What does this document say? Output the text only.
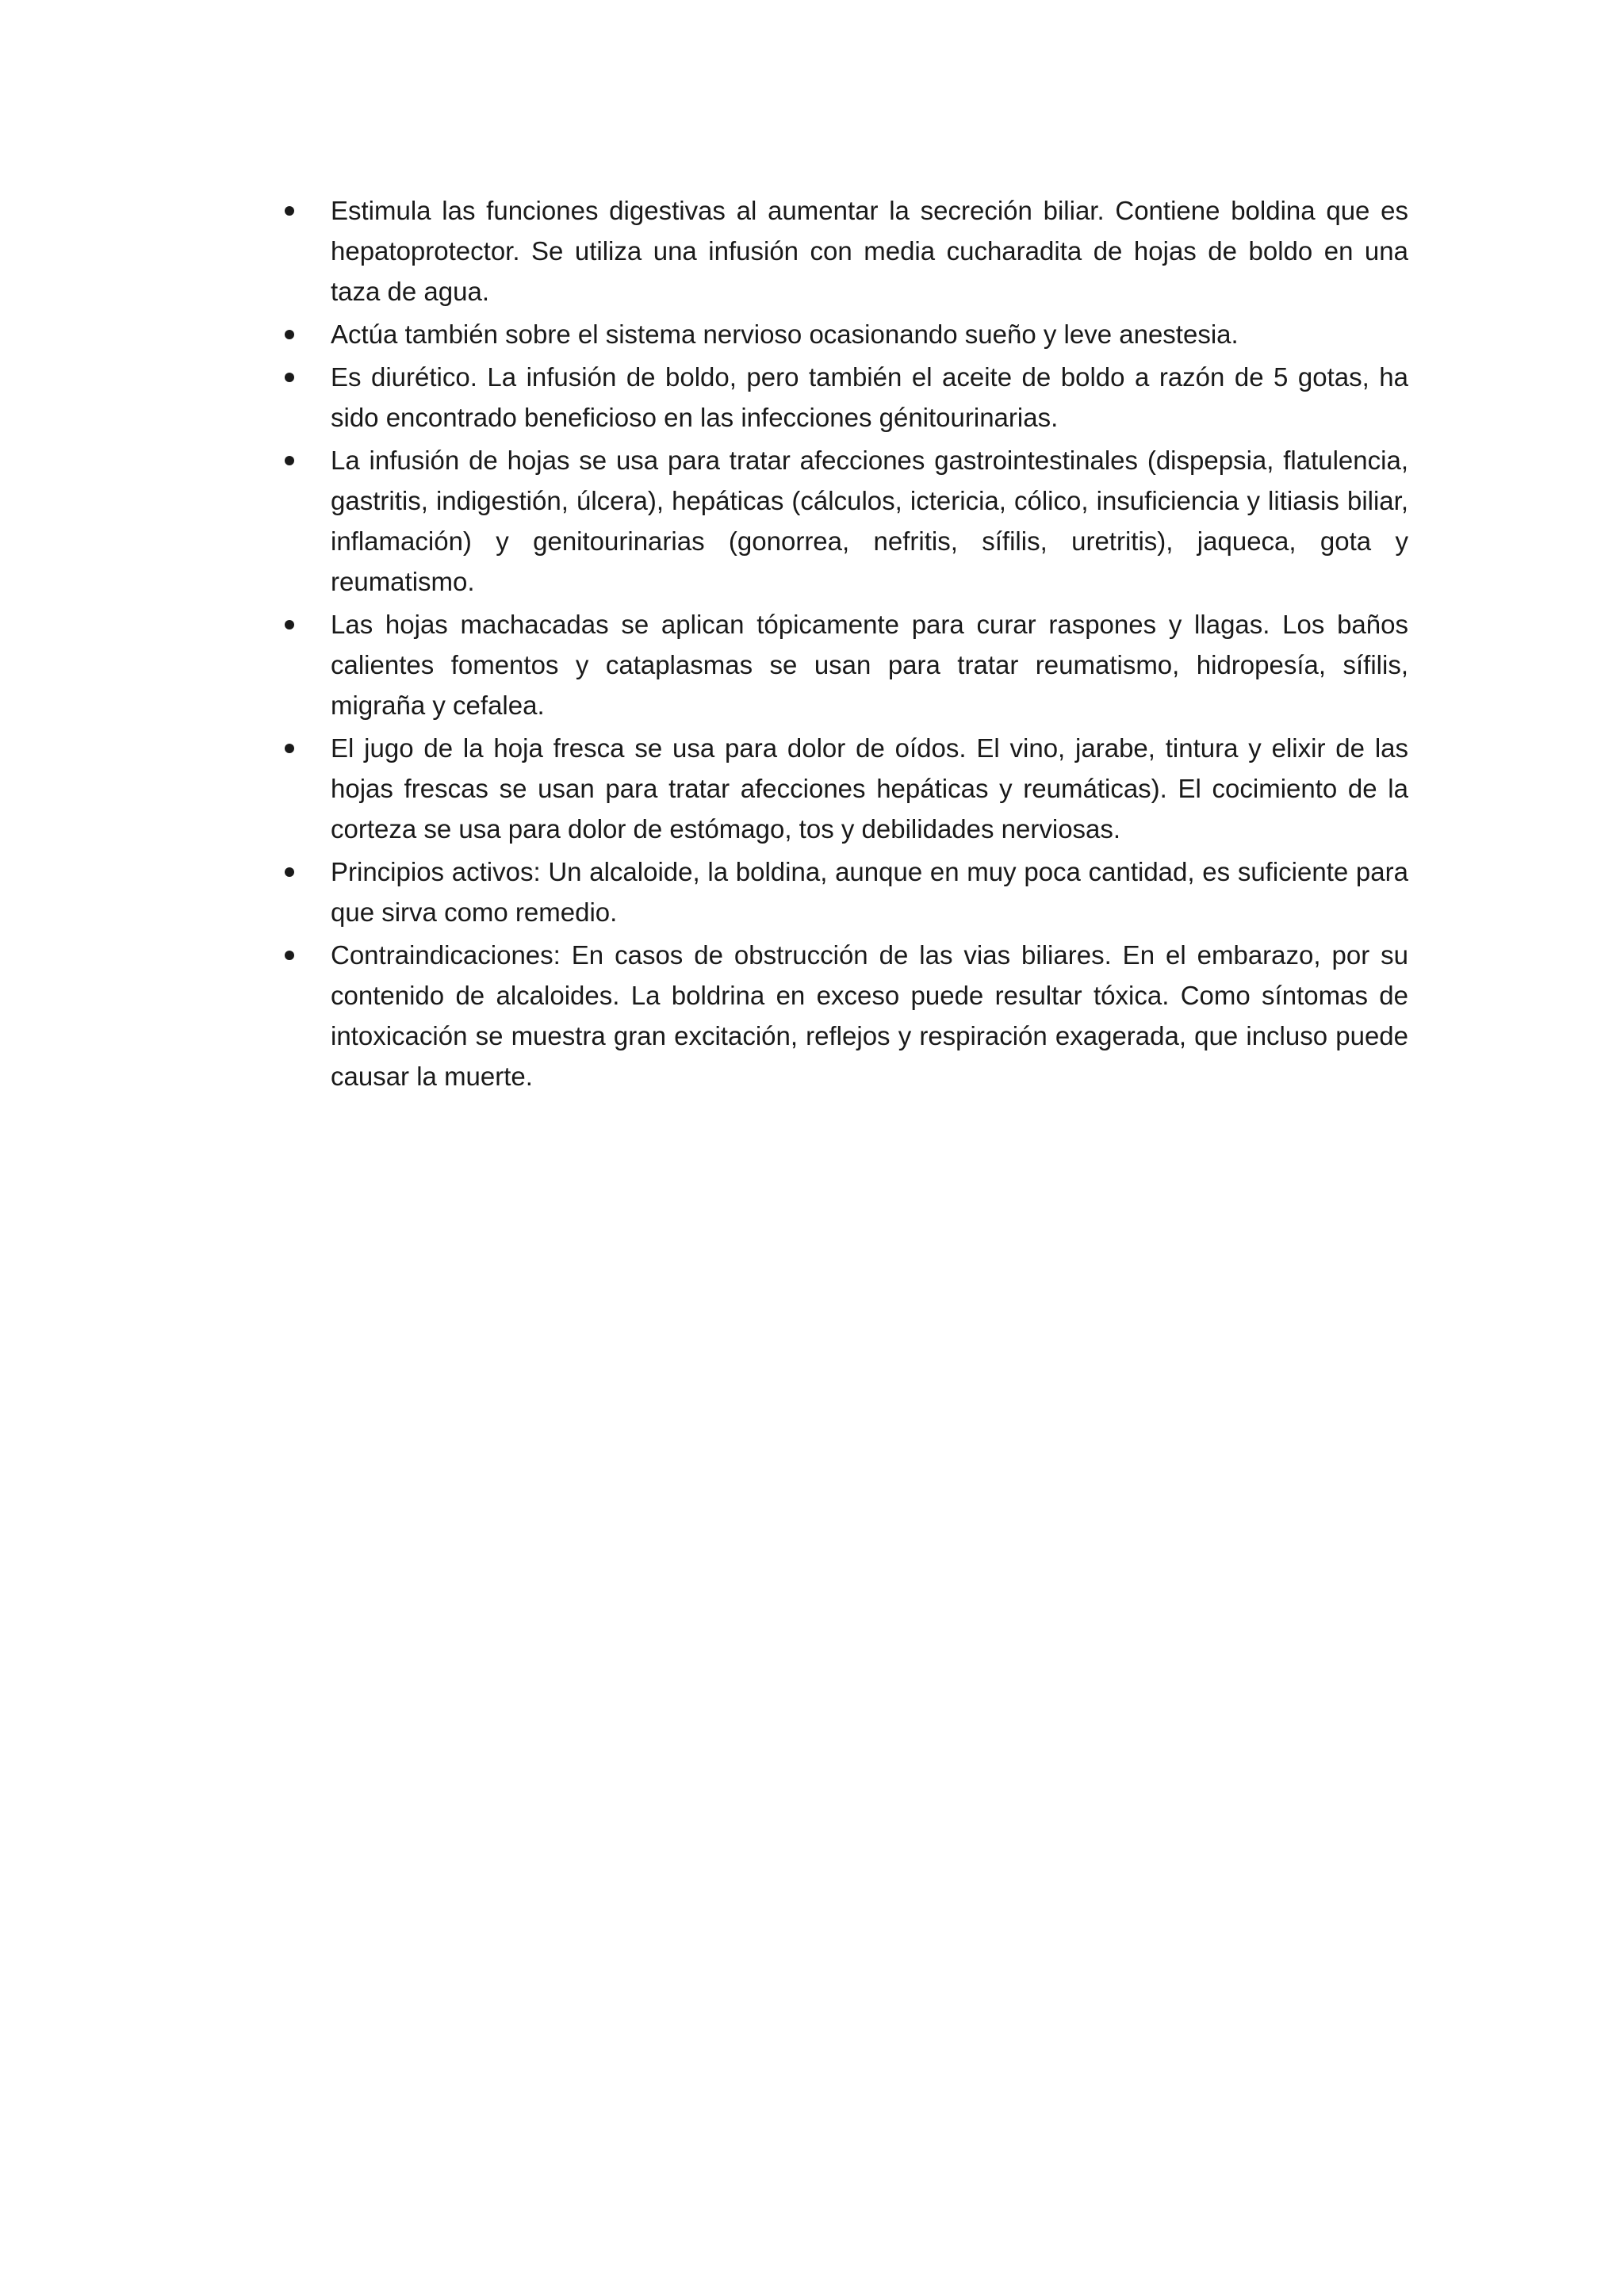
Estimula las funciones digestivas al aumentar la secreción biliar. Contiene boldina que es hepatoprotector. Se utiliza una infusión con media cucharadita de hojas de boldo en una taza de agua.
Actúa también sobre el sistema nervioso ocasionando sueño y leve anestesia.
Es diurético. La infusión de boldo, pero también el aceite de boldo a razón de 5 gotas, ha sido encontrado beneficioso en las infecciones génitourinarias.
La infusión de hojas se usa para tratar afecciones gastrointestinales (dispepsia, flatulencia, gastritis, indigestión, úlcera), hepáticas (cálculos, ictericia, cólico, insuficiencia y litiasis biliar, inflamación) y genitourinarias (gonorrea, nefritis, sífilis, uretritis), jaqueca, gota y reumatismo.
Las hojas machacadas se aplican tópicamente para curar raspones y llagas. Los baños calientes fomentos y cataplasmas se usan para tratar reumatismo, hidropesía, sífilis, migraña y cefalea.
El jugo de la hoja fresca se usa para dolor de oídos. El vino, jarabe, tintura y elixir de las hojas frescas se usan para tratar afecciones hepáticas y reumáticas). El cocimiento de la corteza se usa para dolor de estómago, tos y debilidades nerviosas.
Principios activos: Un alcaloide, la boldina, aunque en muy poca cantidad, es suficiente para que sirva como remedio.
Contraindicaciones: En casos de obstrucción de las vias biliares. En el embarazo, por su contenido de alcaloides. La boldrina en exceso puede resultar tóxica. Como síntomas de intoxicación se muestra gran excitación, reflejos y respiración exagerada, que incluso puede causar la muerte.
